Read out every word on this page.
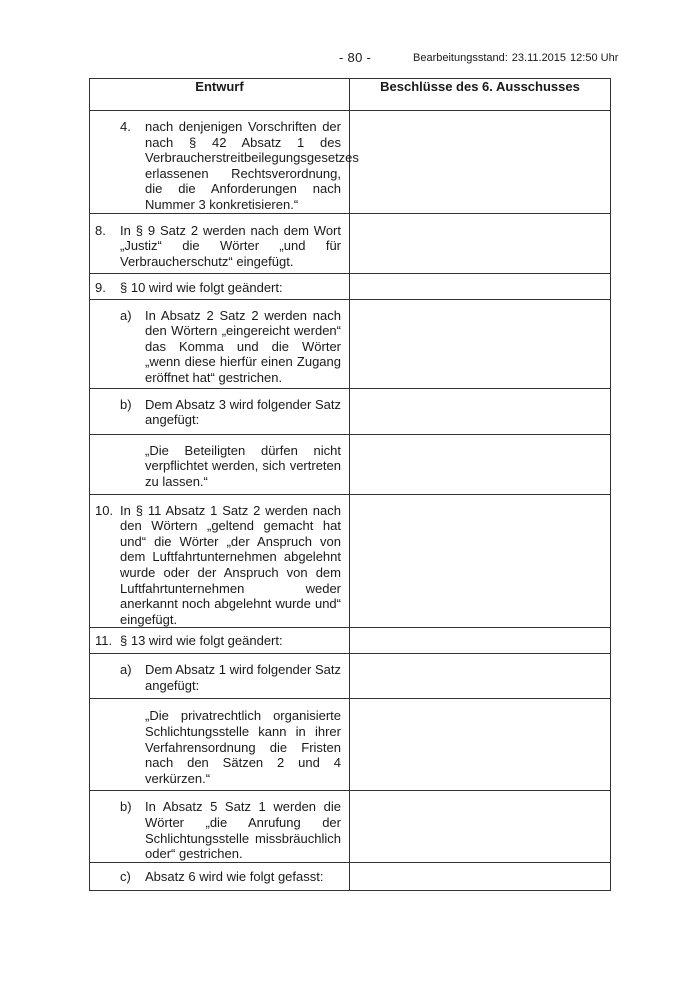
- 80 -	Bearbeitungsstand: 23.11.2015 12:50 Uhr
Entwurf	Beschlüsse des 6. Ausschusses

4. nach denjenigen Vorschriften der nach § 42 Absatz 1 des Verbraucherstreitbeilegungsgesetzes erlassenen Rechtsverordnung, die die Anforderungen nach Nummer 3 konkretisieren.“	

8. In § 9 Satz 2 werden nach dem Wort „Justiz“ die Wörter „und für Verbraucherschutz“ eingefügt.	

9. § 10 wird wie folgt geändert:	

a) In Absatz 2 Satz 2 werden nach den Wörtern „eingereicht werden“ das Komma und die Wörter „wenn diese hierfür einen Zugang eröffnet hat“ gestrichen.	

b) Dem Absatz 3 wird folgender Satz angefügt:	

„Die Beteiligten dürfen nicht verpflichtet werden, sich vertreten zu lassen.“	

10. In § 11 Absatz 1 Satz 2 werden nach den Wörtern „geltend gemacht hat und“ die Wörter „der Anspruch von dem Luftfahrtunternehmen abgelehnt wurde oder der Anspruch von dem Luftfahrtunternehmen weder anerkannt noch abgelehnt wurde und“ eingefügt.	

11. § 13 wird wie folgt geändert:	

a) Dem Absatz 1 wird folgender Satz angefügt:	

„Die privatrechtlich organisierte Schlichtungsstelle kann in ihrer Verfahrensordnung die Fristen nach den Sätzen 2 und 4 verkürzen.“	

b) In Absatz 5 Satz 1 werden die Wörter „die Anrufung der Schlichtungsstelle missbräuchlich oder“ gestrichen.	

c) Absatz 6 wird wie folgt gefasst:	
